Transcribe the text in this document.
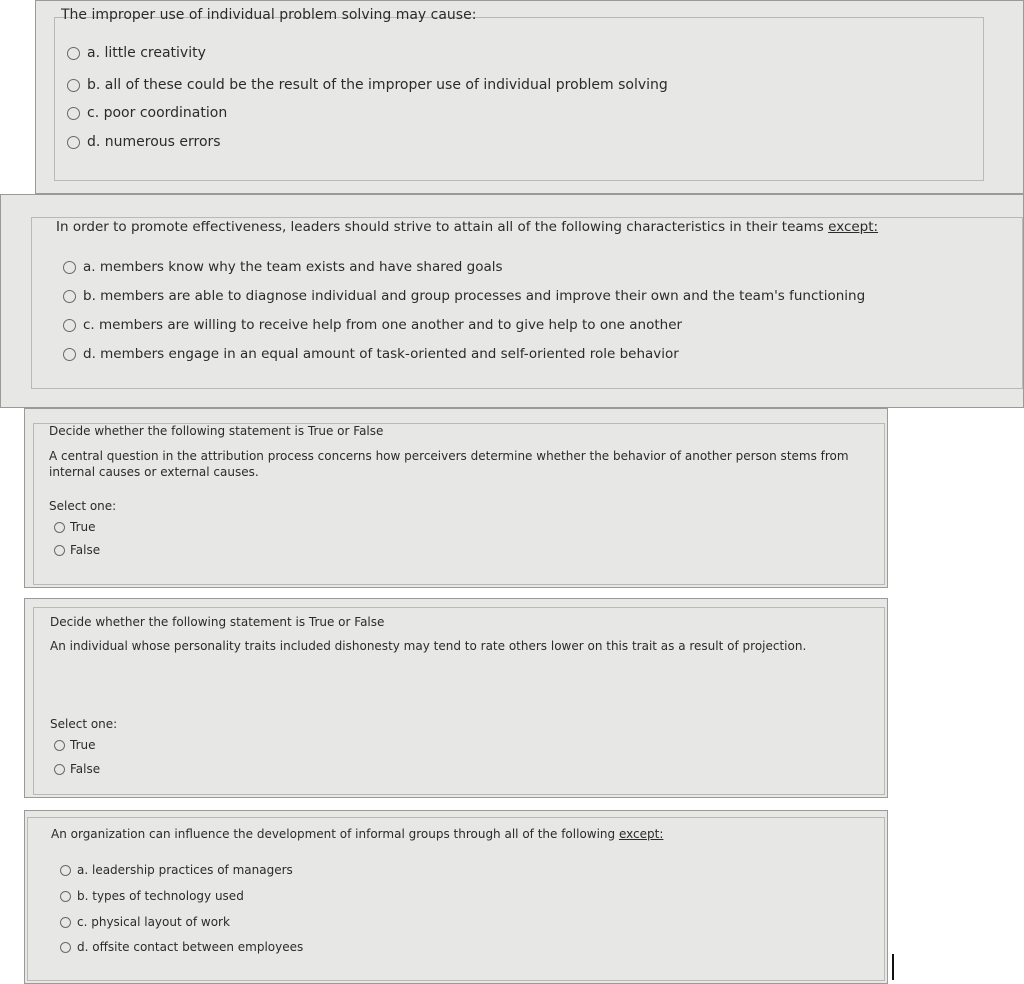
The improper use of individual problem solving may cause:
a. little creativity
b. all of these could be the result of the improper use of individual problem solving
c. poor coordination
d. numerous errors
In order to promote effectiveness, leaders should strive to attain all of the following characteristics in their teams except:
a. members know why the team exists and have shared goals
b. members are able to diagnose individual and group processes and improve their own and the team's functioning
c. members are willing to receive help from one another and to give help to one another
d. members engage in an equal amount of task-oriented and self-oriented role behavior
Decide whether the following statement is True or False
A central question in the attribution process concerns how perceivers determine whether the behavior of another person stems from internal causes or external causes.
Select one:
True
False
Decide whether the following statement is True or False
An individual whose personality traits included dishonesty may tend to rate others lower on this trait as a result of projection.
Select one:
True
False
An organization can influence the development of informal groups through all of the following except:
a. leadership practices of managers
b. types of technology used
c. physical layout of work
d. offsite contact between employees
